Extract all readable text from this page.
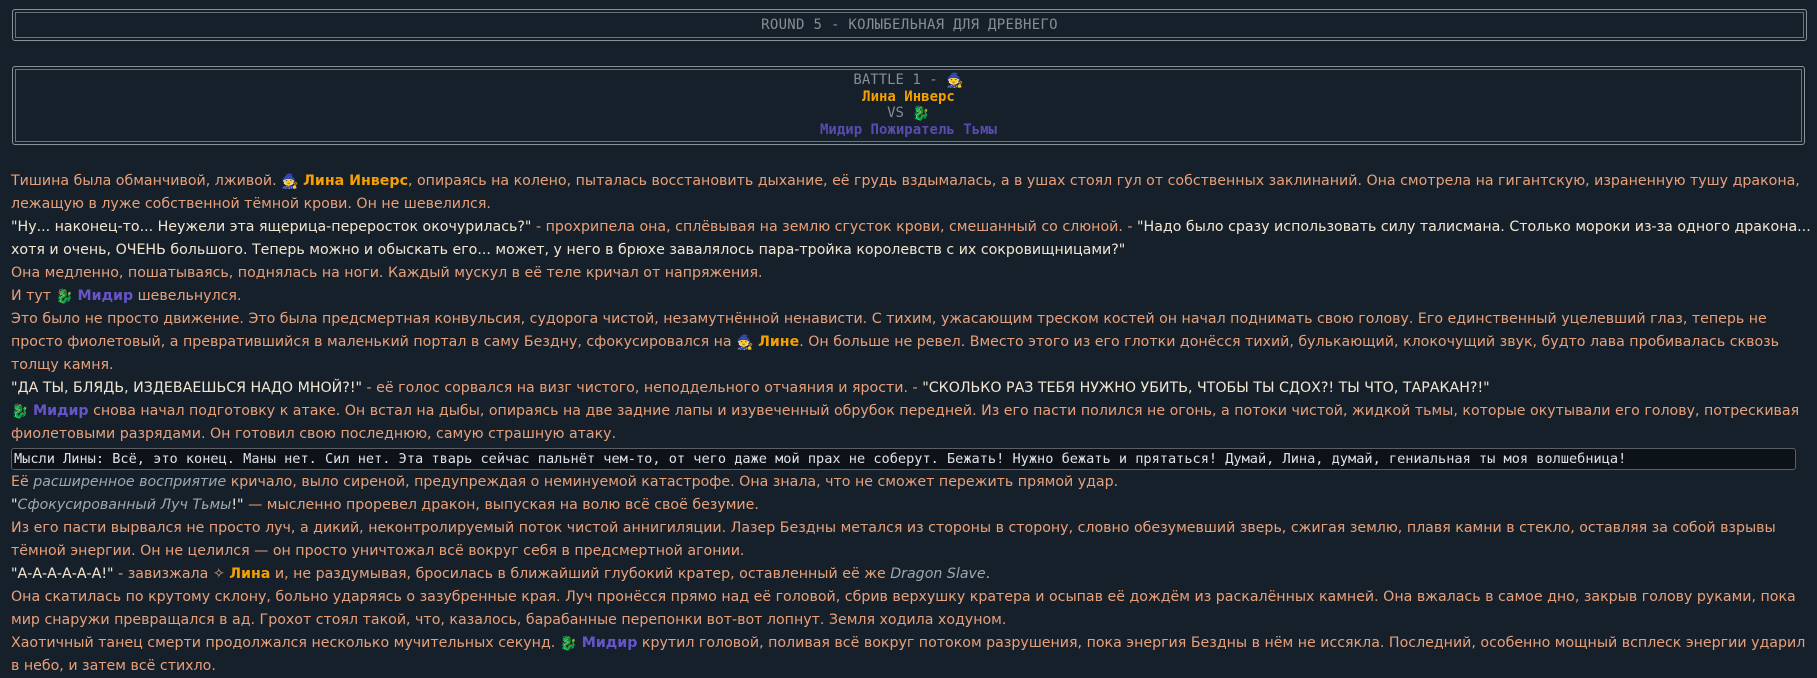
ROUND 5 - КОЛЫБЕЛЬНАЯ ДЛЯ ДРЕВНЕГО
BATTLE 1 - 🧙
Лина Инверс
VS 🐉
Мидир Пожиратель Тьмы

Тишина была обманчивой, лживой. 🧙 Лина Инверс, опираясь на колено, пыталась восстановить дыхание, её грудь вздымалась, а в ушах стоял гул от собственных заклинаний. Она смотрела на гигантскую, израненную тушу дракона, лежащую в луже собственной тёмной крови. Он не шевелился.

"Ну... наконец-то... Неужели эта ящерица-переросток окочурилась?" - прохрипела она, сплёвывая на землю сгусток крови, смешанный со слюной. - "Надо было сразу использовать силу талисмана. Столько мороки из-за одного дракона... хотя и очень, ОЧЕНЬ большого. Теперь можно и обыскать его... может, у него в брюхе завалялось пара-тройка королевств с их сокровищницами?"

Она медленно, пошатываясь, поднялась на ноги. Каждый мускул в её теле кричал от напряжения.

И тут 🐉 Мидир шевельнулся.

Это было не просто движение. Это была предсмертная конвульсия, судорога чистой, незамутнённой ненависти. С тихим, ужасающим треском костей он начал поднимать свою голову. Его единственный уцелевший глаз, теперь не просто фиолетовый, а превратившийся в маленький портал в саму Бездну, сфокусировался на 🧙 Лине. Он больше не ревел. Вместо этого из его глотки донёсся тихий, булькающий, клокочущий звук, будто лава пробивалась сквозь толщу камня.

"ДА ТЫ, БЛЯДЬ, ИЗДЕВАЕШЬСЯ НАДО МНОЙ?!" - её голос сорвался на визг чистого, неподдельного отчаяния и ярости. - "СКОЛЬКО РАЗ ТЕБЯ НУЖНО УБИТЬ, ЧТОБЫ ТЫ СДОХ?! ТЫ ЧТО, ТАРАКАН?!"

🐉 Мидир снова начал подготовку к атаке. Он встал на дыбы, опираясь на две задние лапы и изувеченный обрубок передней. Из его пасти полился не огонь, а потоки чистой, жидкой тьмы, которые окутывали его голову, потрескивая фиолетовыми разрядами. Он готовил свою последнюю, самую страшную атаку.

Мысли Лины: Всё, это конец. Маны нет. Сил нет. Эта тварь сейчас пальнёт чем-то, от чего даже мой прах не соберут. Бежать! Нужно бежать и прятаться! Думай, Лина, думай, гениальная ты моя волшебница!

Её расширенное восприятие кричало, выло сиреной, предупреждая о неминуемой катастрофе. Она знала, что не сможет пережить прямой удар.

"Сфокусированный Луч Тьмы!" — мысленно проревел дракон, выпуская на волю всё своё безумие.

Из его пасти вырвался не просто луч, а дикий, неконтролируемый поток чистой аннигиляции. Лазер Бездны метался из стороны в сторону, словно обезумевший зверь, сжигая землю, плавя камни в стекло, оставляя за собой взрывы тёмной энергии. Он не целился — он просто уничтожал всё вокруг себя в предсмертной агонии.

"А-А-А-А-А-А!" - завизжала ✧ Лина и, не раздумывая, бросилась в ближайший глубокий кратер, оставленный её же Dragon Slave.

Она скатилась по крутому склону, больно ударяясь о зазубренные края. Луч пронёсся прямо над её головой, сбрив верхушку кратера и осыпав её дождём из раскалённых камней. Она вжалась в самое дно, закрыв голову руками, пока мир снаружи превращался в ад. Грохот стоял такой, что, казалось, барабанные перепонки вот-вот лопнут. Земля ходила ходуном.

Хаотичный танец смерти продолжался несколько мучительных секунд. 🐉 Мидир крутил головой, поливая всё вокруг потоком разрушения, пока энергия Бездны в нём не иссякла. Последний, особенно мощный всплеск энергии ударил в небо, и затем всё стихло.
